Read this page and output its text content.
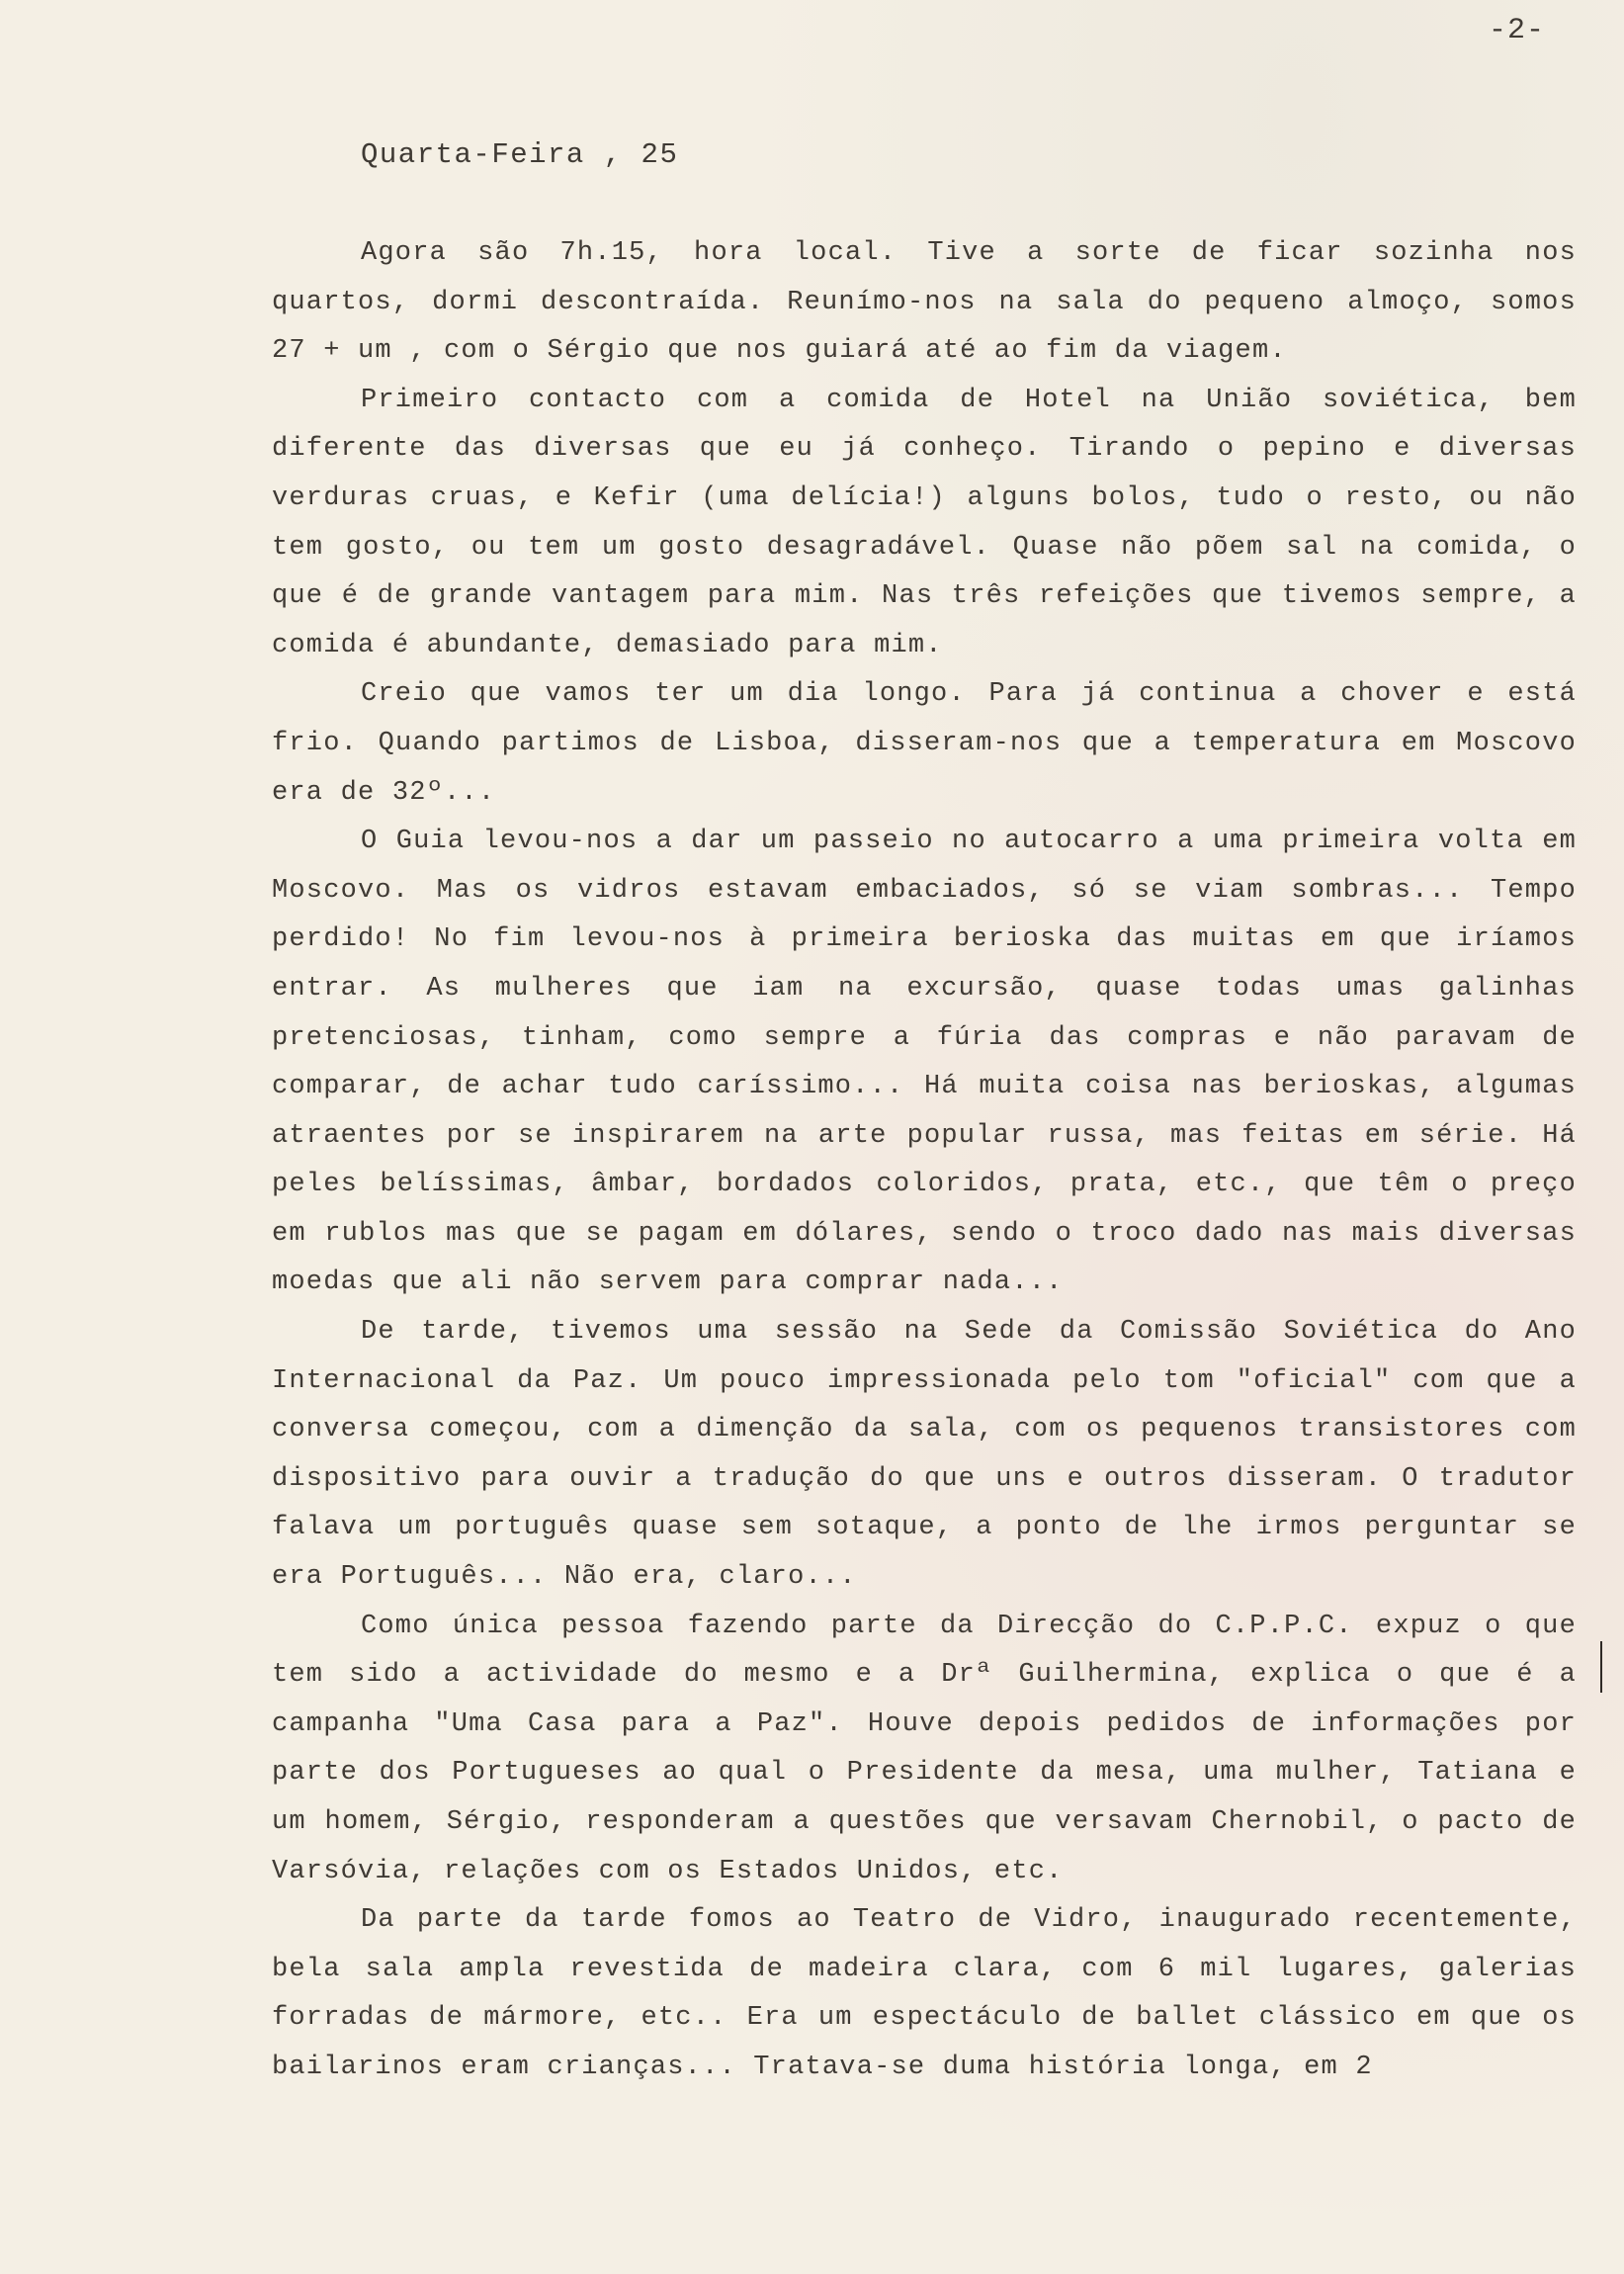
-2-
Quarta-Feira , 25

Agora são 7h.15, hora local. Tive a sorte de ficar sozinha nos quartos, dormi descontraída. Reunímo-nos na sala do pequeno almoço, somos 27 + um , com o Sérgio que nos guiará até ao fim da viagem.

Primeiro contacto com a comida de Hotel na União soviética, bem diferente das diversas que eu já conheço. Tirando o pepino e diversas verduras cruas, e Kefir (uma delícia!) alguns bolos, tudo o resto, ou não tem gosto, ou tem um gosto desagradável. Quase não põem sal na comida, o que é de grande vantagem para mim. Nas três refeições que tivemos sempre, a comida é abundante, demasiado para mim.

Creio que vamos ter um dia longo. Para já continua a chover e está frio. Quando partimos de Lisboa, disseram-nos que a temperatura em Moscovo era de 32º...

O Guia levou-nos a dar um passeio no autocarro a uma primeira volta em Moscovo. Mas os vidros estavam embaciados, só se viam sombras... Tempo perdido! No fim levou-nos à primeira berioska das muitas em que iríamos entrar. As mulheres que iam na excursão, quase todas umas galinhas pretenciosas, tinham, como sempre a fúria das compras e não paravam de comparar, de achar tudo caríssimo... Há muita coisa nas berioskas, algumas atraentes por se inspirarem na arte popular russa, mas feitas em série. Há peles belíssimas, âmbar, bordados coloridos, prata, etc., que têm o preço em rublos mas que se pagam em dólares, sendo o troco dado nas mais diversas moedas que ali não servem para comprar nada...

De tarde, tivemos uma sessão na Sede da Comissão Soviética do Ano Internacional da Paz. Um pouco impressionada pelo tom "oficial" com que a conversa começou, com a dimenção da sala, com os pequenos transistores com dispositivo para ouvir a tradução do que uns e outros disseram. O tradutor falava um português quase sem sotaque, a ponto de lhe irmos perguntar se era Português... Não era, claro...

Como única pessoa fazendo parte da Direcção do C.P.P.C. expuz o que tem sido a actividade do mesmo e a Drª Guilhermina, explica o que é a campanha "Uma Casa para a Paz". Houve depois pedidos de informações por parte dos Portugueses ao qual o Presidente da mesa, uma mulher, Tatiana e um homem, Sérgio, responderam a questões que versavam Chernobil, o pacto de Varsóvia, relações com os Estados Unidos, etc.

Da parte da tarde fomos ao Teatro de Vidro, inaugurado recentemente, bela sala ampla revestida de madeira clara, com 6 mil lugares, galerias forradas de mármore, etc.. Era um espectáculo de ballet clássico em que os bailarinos eram crianças... Tratava-se duma história longa, em 2
